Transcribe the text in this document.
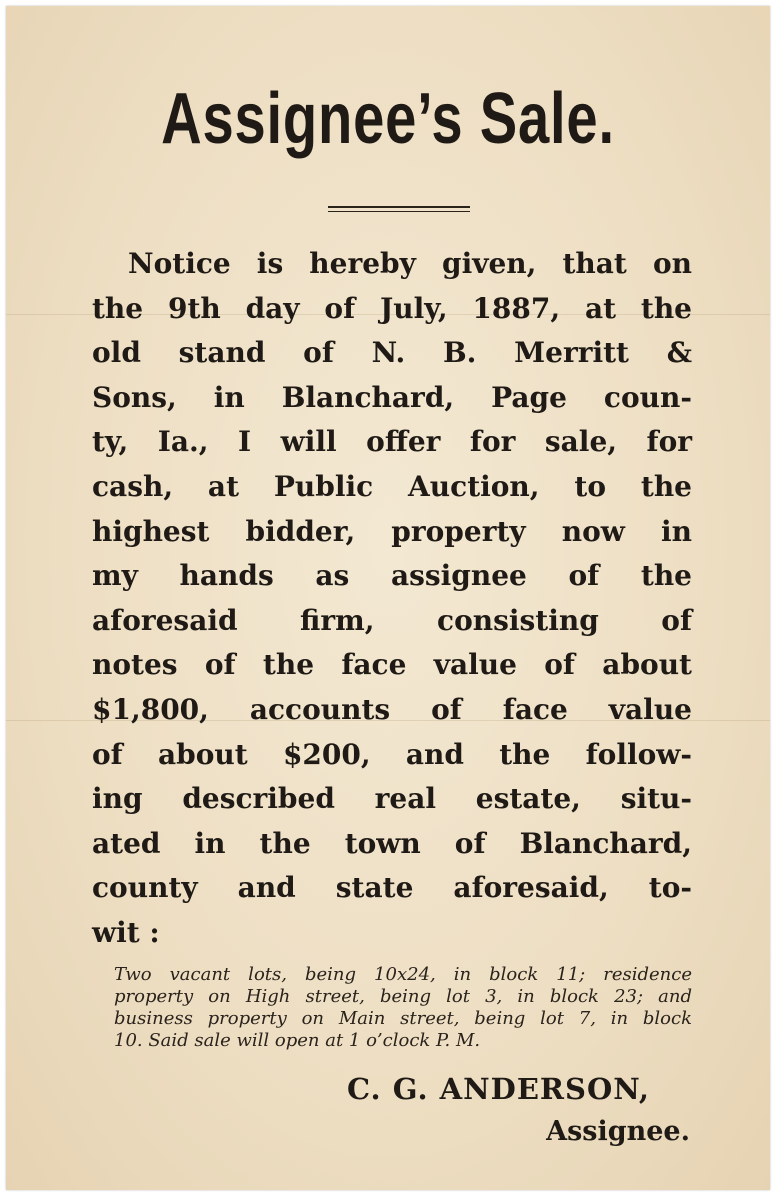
Assignee’s Sale.
Notice is hereby given, that on
the 9th day of July, 1887, at the
old stand of N. B. Merritt &
Sons, in Blanchard, Page coun-
ty, Ia., I will offer for sale, for
cash, at Public Auction, to the
highest bidder, property now in
my hands as assignee of the
aforesaid firm, consisting of
notes of the face value of about
$1,800, accounts of face value
of about $200, and the follow-
ing described real estate, situ-
ated in the town of Blanchard,
county and state aforesaid, to-
wit :
Two vacant lots, being 10x24, in block 11; residence
property on High street, being lot 3, in block 23; and
business property on Main street, being lot 7, in block
10. Said sale will open at 1 o’clock P. M.
C. G. ANDERSON,
Assignee.
